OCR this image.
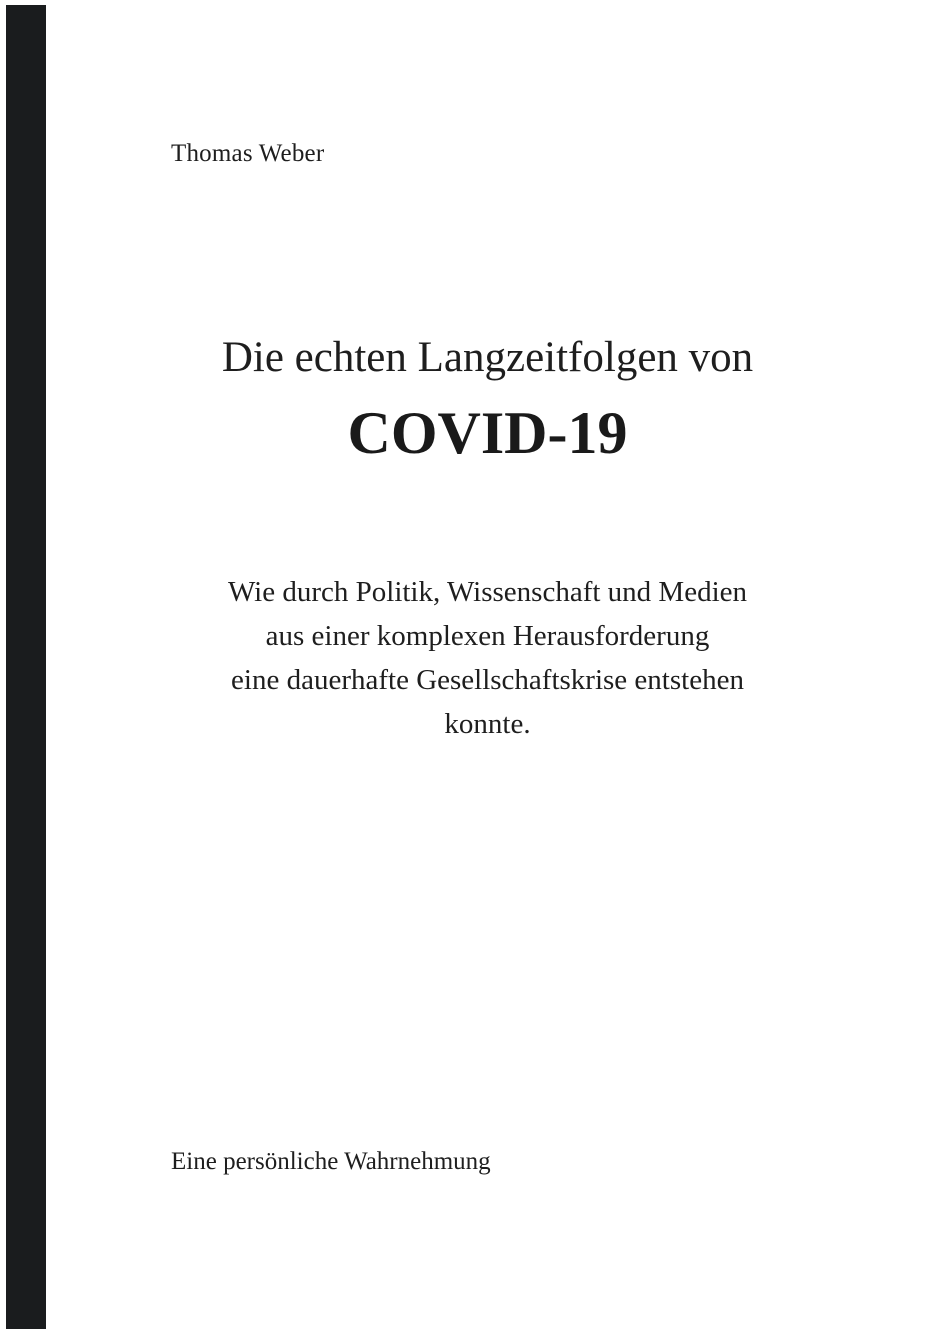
Thomas Weber
Die echten Langzeitfolgen von
COVID-19
Wie durch Politik, Wissenschaft und Medien
aus einer komplexen Herausforderung
eine dauerhafte Gesellschaftskrise entstehen
konnte.
Eine persönliche Wahrnehmung
